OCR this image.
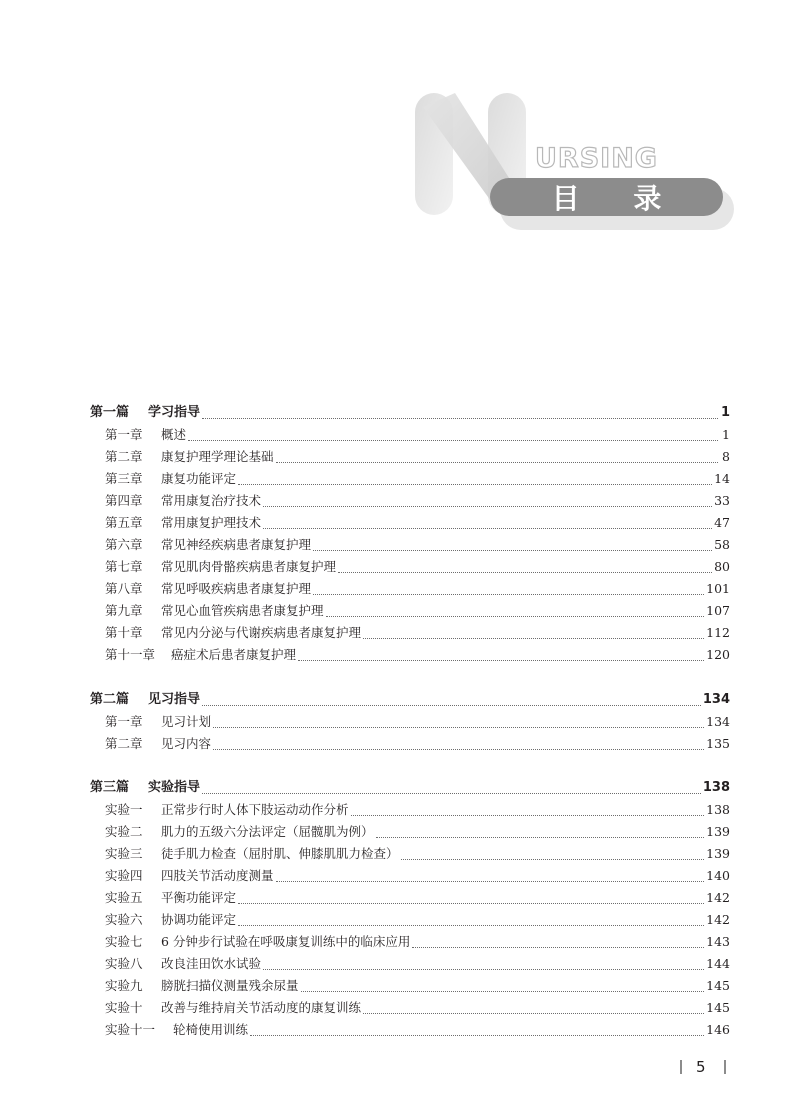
URSING
目 录
第一篇	学习指导	1
第一章	概述	1
第二章	康复护理学理论基础	8
第三章	康复功能评定	14
第四章	常用康复治疗技术	33
第五章	常用康复护理技术	47
第六章	常见神经疾病患者康复护理	58
第七章	常见肌肉骨骼疾病患者康复护理	80
第八章	常见呼吸疾病患者康复护理	101
第九章	常见心血管疾病患者康复护理	107
第十章	常见内分泌与代谢疾病患者康复护理	112
第十一章	癌症术后患者康复护理	120
第二篇	见习指导	134
第一章	见习计划	134
第二章	见习内容	135
第三篇	实验指导	138
实验一	正常步行时人体下肢运动动作分析	138
实验二	肌力的五级六分法评定（屈髋肌为例）	139
实验三	徒手肌力检查（屈肘肌、伸膝肌肌力检查）	139
实验四	四肢关节活动度测量	140
实验五	平衡功能评定	142
实验六	协调功能评定	142
实验七	6 分钟步行试验在呼吸康复训练中的临床应用	143
实验八	改良洼田饮水试验	144
实验九	膀胱扫描仪测量残余尿量	145
实验十	改善与维持肩关节活动度的康复训练	145
实验十一	轮椅使用训练	146
5
